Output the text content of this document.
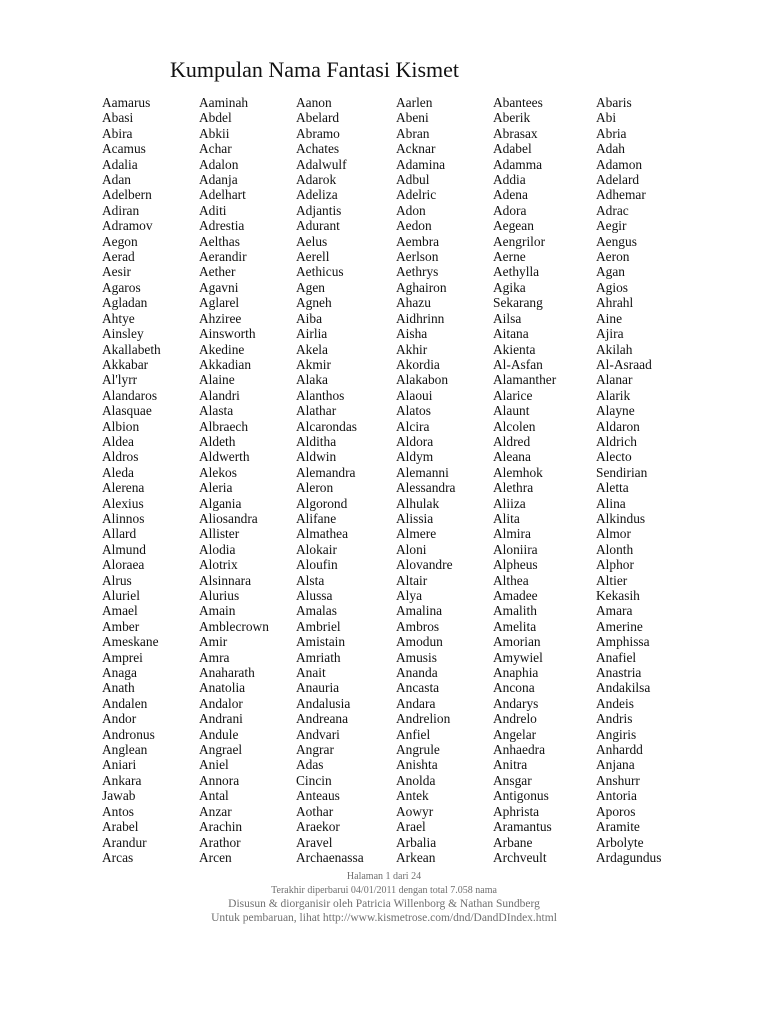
Kumpulan Nama Fantasi Kismet
Aamarus
Abasi
Abira
Acamus
Adalia
Adan
Adelbern
Adiran
Adramov
Aegon
Aerad
Aesir
Agaros
Agladan
Ahtye
Ainsley
Akallabeth
Akkabar
Al'lyrr
Alandaros
Alasquae
Albion
Aldea
Aldros
Aleda
Alerena
Alexius
Alinnos
Allard
Almund
Aloraea
Alrus
Aluriel
Amael
Amber
Ameskane
Amprei
Anaga
Anath
Andalen
Andor
Andronus
Anglean
Aniari
Ankara
Jawab
Antos
Arabel
Arandur
Arcas
Aaminah
Abdel
Abkii
Achar
Adalon
Adanja
Adelhart
Aditi
Adrestia
Aelthas
Aerandir
Aether
Agavni
Aglarel
Ahziree
Ainsworth
Akedine
Akkadian
Alaine
Alandri
Alasta
Albraech
Aldeth
Aldwerth
Alekos
Aleria
Algania
Aliosandra
Allister
Alodia
Alotrix
Alsinnara
Alurius
Amain
Amblecrown
Amir
Amra
Anaharath
Anatolia
Andalor
Andrani
Andule
Angrael
Aniel
Annora
Antal
Anzar
Arachin
Arathor
Arcen
Aanon
Abelard
Abramo
Achates
Adalwulf
Adarok
Adeliza
Adjantis
Adurant
Aelus
Aerell
Aethicus
Agen
Agneh
Aiba
Airlia
Akela
Akmir
Alaka
Alanthos
Alathar
Alcarondas
Alditha
Aldwin
Alemandra
Aleron
Algorond
Alifane
Almathea
Alokair
Aloufin
Alsta
Alussa
Amalas
Ambriel
Amistain
Amriath
Anait
Anauria
Andalusia
Andreana
Andvari
Angrar
Adas
Cincin
Anteaus
Aothar
Araekor
Aravel
Archaenassa
Aarlen
Abeni
Abran
Acknar
Adamina
Adbul
Adelric
Adon
Aedon
Aembra
Aerlson
Aethrys
Aghairon
Ahazu
Aidhrinn
Aisha
Akhir
Akordia
Alakabon
Alaoui
Alatos
Alcira
Aldora
Aldym
Alemanni
Alessandra
Alhulak
Alissia
Almere
Aloni
Alovandre
Altair
Alya
Amalina
Ambros
Amodun
Amusis
Ananda
Ancasta
Andara
Andrelion
Anfiel
Angrule
Anishta
Anolda
Antek
Aowyr
Arael
Arbalia
Arkean
Abantees
Aberik
Abrasax
Adabel
Adamma
Addia
Adena
Adora
Aegean
Aengrilor
Aerne
Aethylla
Agika
Sekarang
Ailsa
Aitana
Akienta
Al-Asfan
Alamanther
Alarice
Alaunt
Alcolen
Aldred
Aleana
Alemhok
Alethra
Aliiza
Alita
Almira
Aloniira
Alpheus
Althea
Amadee
Amalith
Amelita
Amorian
Amywiel
Anaphia
Ancona
Andarys
Andrelo
Angelar
Anhaedra
Anitra
Ansgar
Antigonus
Aphrista
Aramantus
Arbane
Archveult
Abaris
Abi
Abria
Adah
Adamon
Adelard
Adhemar
Adrac
Aegir
Aengus
Aeron
Agan
Agios
Ahrahl
Aine
Ajira
Akilah
Al-Asraad
Alanar
Alarik
Alayne
Aldaron
Aldrich
Alecto
Sendirian
Aletta
Alina
Alkindus
Almor
Alonth
Alphor
Altier
Kekasih
Amara
Amerine
Amphissa
Anafiel
Anastria
Andakilsa
Andeis
Andris
Angiris
Anhardd
Anjana
Anshurr
Antoria
Aporos
Aramite
Arbolyte
Ardagundus
Halaman 1 dari 24
Terakhir diperbarui 04/01/2011 dengan total 7.058 nama
Disusun & diorganisir oleh Patricia Willenborg & Nathan Sundberg
Untuk pembaruan, lihat http://www.kismetrose.com/dnd/DandDIndex.html
